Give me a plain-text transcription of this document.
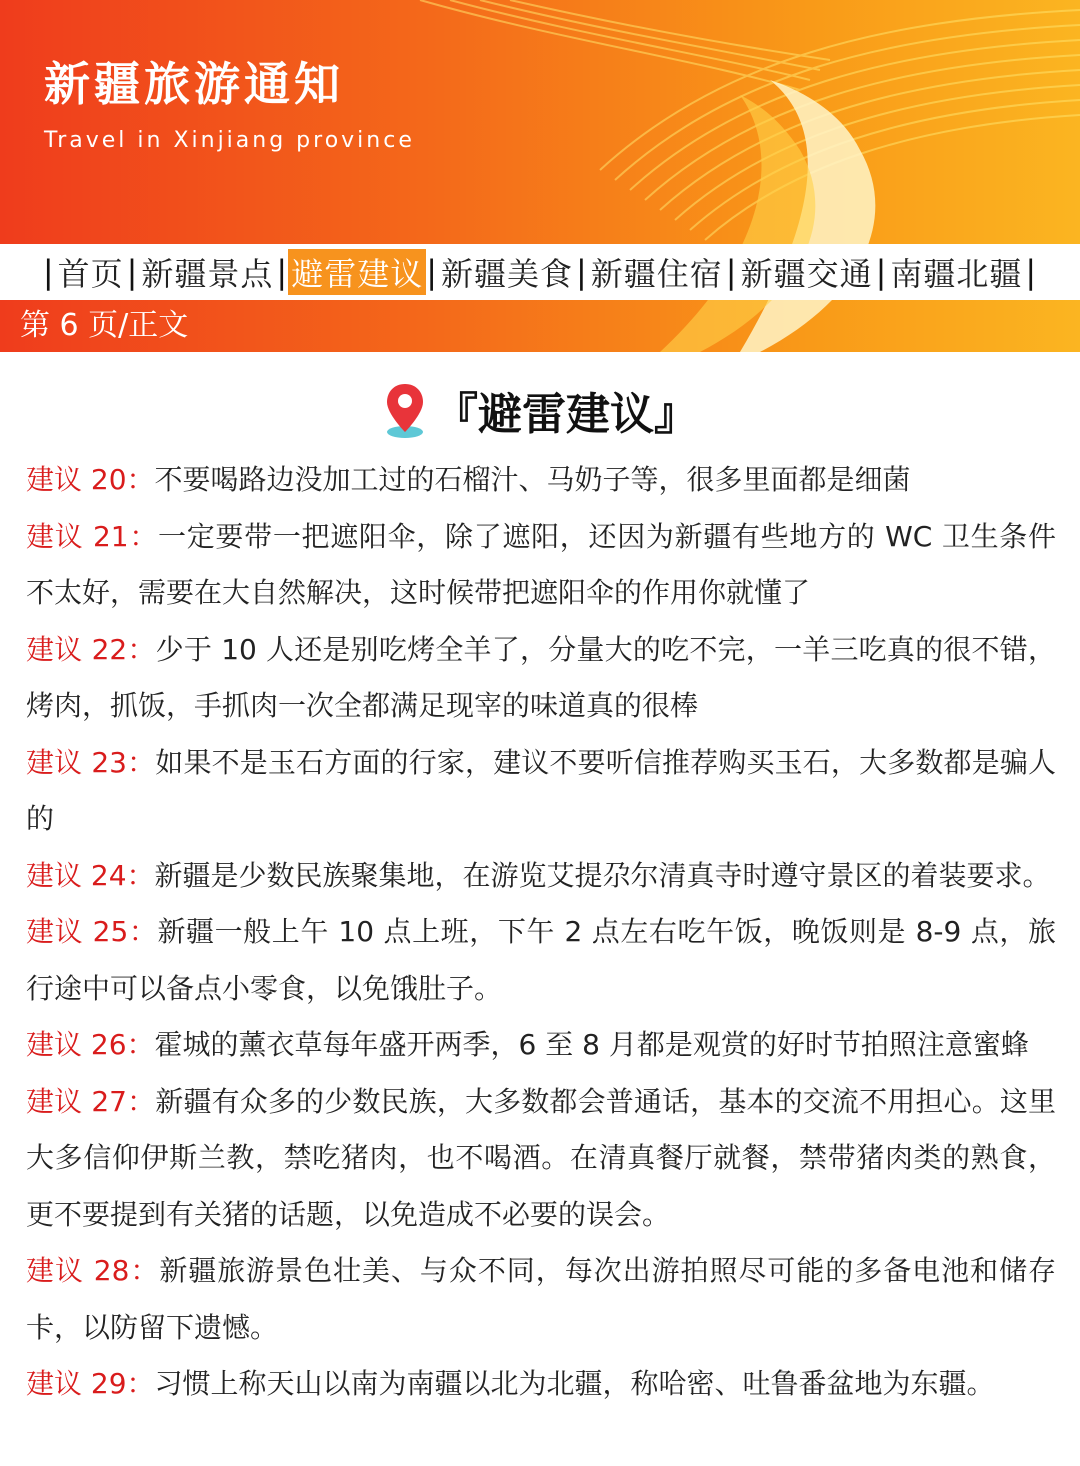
新疆旅游通知
Travel in Xinjiang province
| 首页 | 新疆景点 | 避雷建议 | 新疆美食 | 新疆住宿 | 新疆交通 | 南疆北疆 |
第 6 页/正文
『避雷建议』

建议 20：不要喝路边没加工过的石榴汁、马奶子等，很多里面都是细菌

建议 21：一定要带一把遮阳伞，除了遮阳，还因为新疆有些地方的 WC 卫生条件不太好，需要在大自然解决，这时候带把遮阳伞的作用你就懂了

建议 22：少于 10 人还是别吃烤全羊了，分量大的吃不完，一羊三吃真的很不错，烤肉，抓饭，手抓肉一次全都满足现宰的味道真的很棒

建议 23：如果不是玉石方面的行家，建议不要听信推荐购买玉石，大多数都是骗人的

建议 24：新疆是少数民族聚集地，在游览艾提尕尔清真寺时遵守景区的着装要求。

建议 25：新疆一般上午 10 点上班，下午 2 点左右吃午饭，晚饭则是 8-9 点，旅行途中可以备点小零食，以免饿肚子。

建议 26：霍城的薰衣草每年盛开两季，6 至 8 月都是观赏的好时节拍照注意蜜蜂

建议 27：新疆有众多的少数民族，大多数都会普通话，基本的交流不用担心。这里大多信仰伊斯兰教，禁吃猪肉，也不喝酒。在清真餐厅就餐，禁带猪肉类的熟食，更不要提到有关猪的话题，以免造成不必要的误会。

建议 28：新疆旅游景色壮美、与众不同，每次出游拍照尽可能的多备电池和储存卡，以防留下遗憾。

建议 29：习惯上称天山以南为南疆以北为北疆，称哈密、吐鲁番盆地为东疆。
